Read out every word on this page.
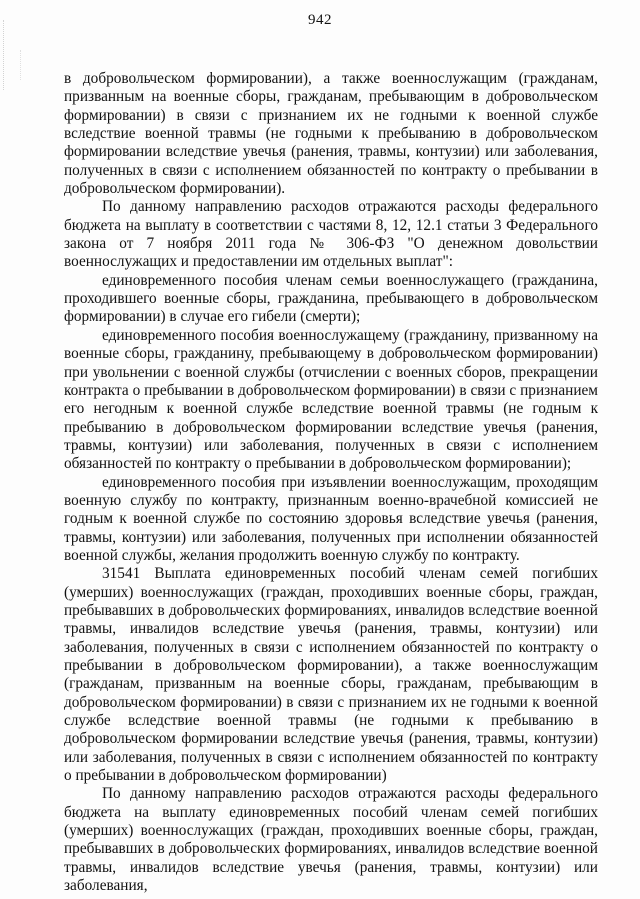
942

в добровольческом формировании), а также военнослужащим (гражданам, призванным на военные сборы, гражданам, пребывающим в добровольческом формировании) в связи с признанием их не годными к военной службе вследствие военной травмы (не годными к пребыванию в добровольческом формировании вследствие увечья (ранения, травмы, контузии) или заболевания, полученных в связи с исполнением обязанностей по контракту о пребывании в добровольческом формировании).

По данному направлению расходов отражаются расходы федерального бюджета на выплату в соответствии с частями 8, 12, 12.1 статьи 3 Федерального закона от 7 ноября 2011 года № 306-ФЗ "О денежном довольствии военнослужащих и предоставлении им отдельных выплат":

единовременного пособия членам семьи военнослужащего (гражданина, проходившего военные сборы, гражданина, пребывающего в добровольческом формировании) в случае его гибели (смерти);

единовременного пособия военнослужащему (гражданину, призванному на военные сборы, гражданину, пребывающему в добровольческом формировании) при увольнении с военной службы (отчислении с военных сборов, прекращении контракта о пребывании в добровольческом формировании) в связи с признанием его негодным к военной службе вследствие военной травмы (не годным к пребыванию в добровольческом формировании вследствие увечья (ранения, травмы, контузии) или заболевания, полученных в связи с исполнением обязанностей по контракту о пребывании в добровольческом формировании);

единовременного пособия при изъявлении военнослужащим, проходящим военную службу по контракту, признанным военно-врачебной комиссией не годным к военной службе по состоянию здоровья вследствие увечья (ранения, травмы, контузии) или заболевания, полученных при исполнении обязанностей военной службы, желания продолжить военную службу по контракту.

31541 Выплата единовременных пособий членам семей погибших (умерших) военнослужащих (граждан, проходивших военные сборы, граждан, пребывавших в добровольческих формированиях, инвалидов вследствие военной травмы, инвалидов вследствие увечья (ранения, травмы, контузии) или заболевания, полученных в связи с исполнением обязанностей по контракту о пребывании в добровольческом формировании), а также военнослужащим (гражданам, призванным на военные сборы, гражданам, пребывающим в добровольческом формировании) в связи с признанием их не годными к военной службе вследствие военной травмы (не годными к пребыванию в добровольческом формировании вследствие увечья (ранения, травмы, контузии) или заболевания, полученных в связи с исполнением обязанностей по контракту о пребывании в добровольческом формировании)

По данному направлению расходов отражаются расходы федерального бюджета на выплату единовременных пособий членам семей погибших (умерших) военнослужащих (граждан, проходивших военные сборы, граждан, пребывавших в добровольческих формированиях, инвалидов вследствие военной травмы, инвалидов вследствие увечья (ранения, травмы, контузии) или заболевания,
